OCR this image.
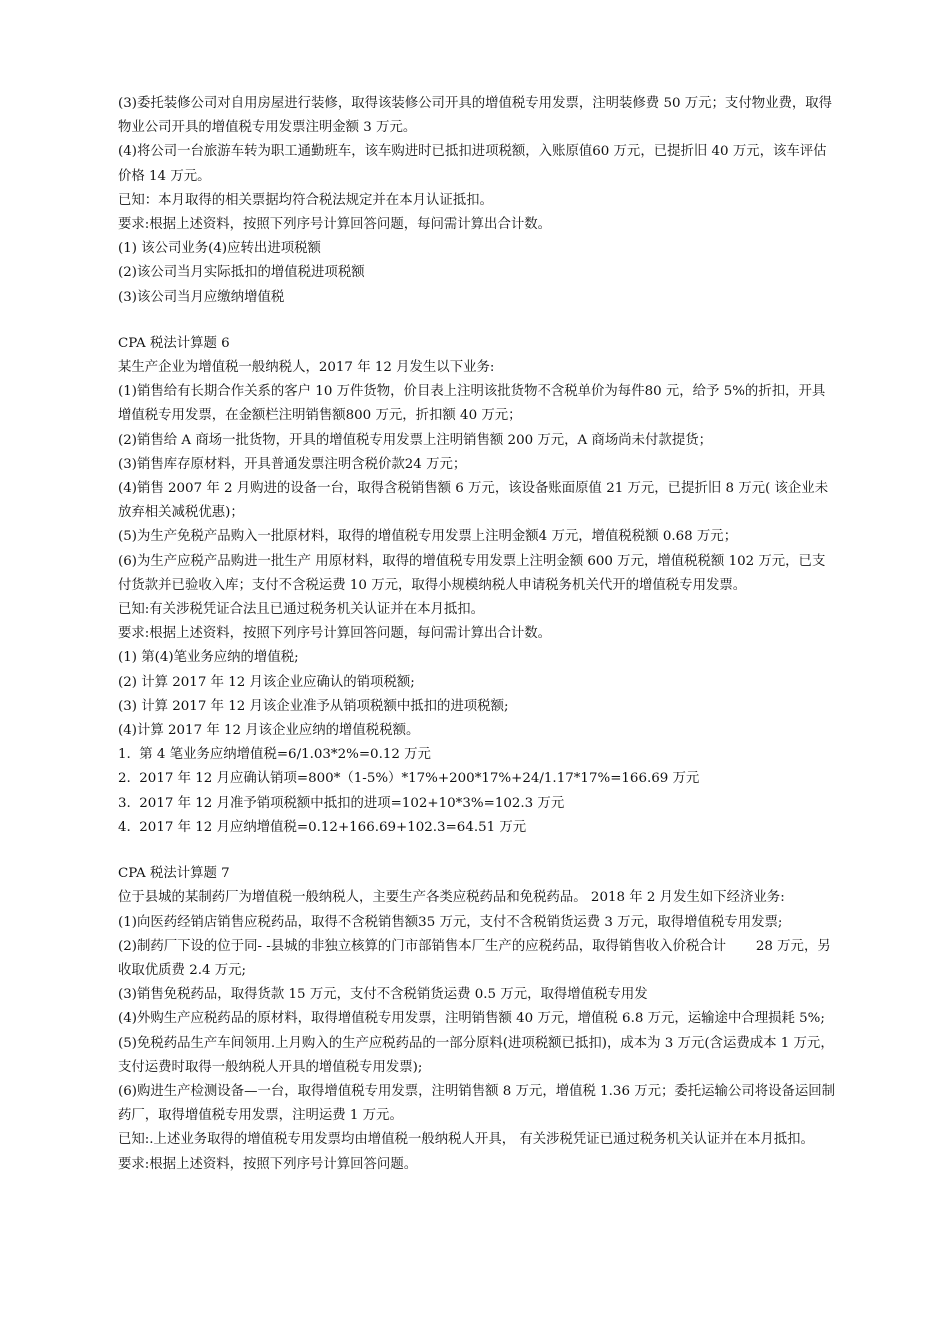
(3)委托装修公司对自用房屋进行装修，取得该装修公司开具的增值税专用发票，注明装修费 50 万元；支付物业费，取得物业公司开具的增值税专用发票注明金额 3 万元。

(4)将公司一台旅游车转为职工通勤班车，该车购进时已抵扣进项税额，入账原值60 万元，已提折旧 40 万元，该车评估价格 14 万元。

已知：本月取得的相关票据均符合税法规定并在本月认证抵扣。

要求:根据上述资料，按照下列序号计算回答问题，每问需计算出合计数。

(1) 该公司业务(4)应转出进项税额

(2)该公司当月实际抵扣的增值税进项税额

(3)该公司当月应缴纳增值税

CPA 税法计算题 6

某生产企业为增值税一般纳税人，2017 年 12 月发生以下业务:

(1)销售给有长期合作关系的客户 10 万件货物，价目表上注明该批货物不含税单价为每件80 元，给予 5%的折扣，开具增值税专用发票，在金额栏注明销售额800 万元，折扣额 40 万元；

(2)销售给 A 商场一批货物，开具的增值税专用发票上注明销售额 200 万元，A 商场尚未付款提货；

(3)销售库存原材料，开具普通发票注明含税价款24 万元；

(4)销售 2007 年 2 月购进的设备一台，取得含税销售额 6 万元，该设备账面原值 21 万元，已提折旧 8 万元( 该企业未放弃相关减税优惠)；

(5)为生产免税产品购入一批原材料，取得的增值税专用发票上注明金额4 万元，增值税税额 0.68 万元；

(6)为生产应税产品购进一批生产 用原材料，取得的增值税专用发票上注明金额 600 万元，增值税税额 102 万元，已支付货款并已验收入库；支付不含税运费 10 万元，取得小规模纳税人申请税务机关代开的增值税专用发票。

已知:有关涉税凭证合法且已通过税务机关认证并在本月抵扣。

要求:根据上述资料，按照下列序号计算回答问题，每问需计算出合计数。

(1) 第(4)笔业务应纳的增值税;

(2) 计算 2017 年 12 月该企业应确认的销项税额;

(3) 计算 2017 年 12 月该企业准予从销项税额中抵扣的进项税额;

(4)计算 2017 年 12 月该企业应纳的增值税税额。

1.  第 4 笔业务应纳增值税=6/1.03*2%=0.12 万元

2.  2017 年 12 月应确认销项=800*（1-5%）*17%+200*17%+24/1.17*17%=166.69 万元

3.  2017 年 12 月准予销项税额中抵扣的进项=102+10*3%=102.3 万元

4.  2017 年 12 月应纳增值税=0.12+166.69+102.3=64.51 万元

CPA 税法计算题 7

位于县城的某制药厂为增值税一般纳税人，主要生产各类应税药品和免税药品。 2018 年 2 月发生如下经济业务:

(1)向医药经销店销售应税药品，取得不含税销售额35 万元，支付不含税销货运费 3 万元，取得增值税专用发票;

(2)制药厂下设的位于同- -县城的非独立核算的门市部销售本厂生产的应税药品，取得销售收入价税合计       28 万元，另收取优质费 2.4 万元;

(3)销售免税药品，取得货款 15 万元，支付不含税销货运费 0.5 万元，取得增值税专用发

(4)外购生产应税药品的原材料，取得增值税专用发票，注明销售额 40 万元，增值税 6.8 万元，运输途中合理损耗 5%;

(5)免税药品生产车间领用.上月购入的生产应税药品的一部分原料(进项税额已抵扣)，成本为 3 万元(含运费成本 1 万元，支付运费时取得一般纳税人开具的增值税专用发票);

(6)购进生产检测设备—一台，取得增值税专用发票，注明销售额 8 万元，增值税 1.36 万元；委托运输公司将设备运回制药厂，取得增值税专用发票，注明运费 1 万元。

已知:.上述业务取得的增值税专用发票均由增值税一般纳税人开具， 有关涉税凭证已通过税务机关认证并在本月抵扣。

要求:根据上述资料，按照下列序号计算回答问题。
